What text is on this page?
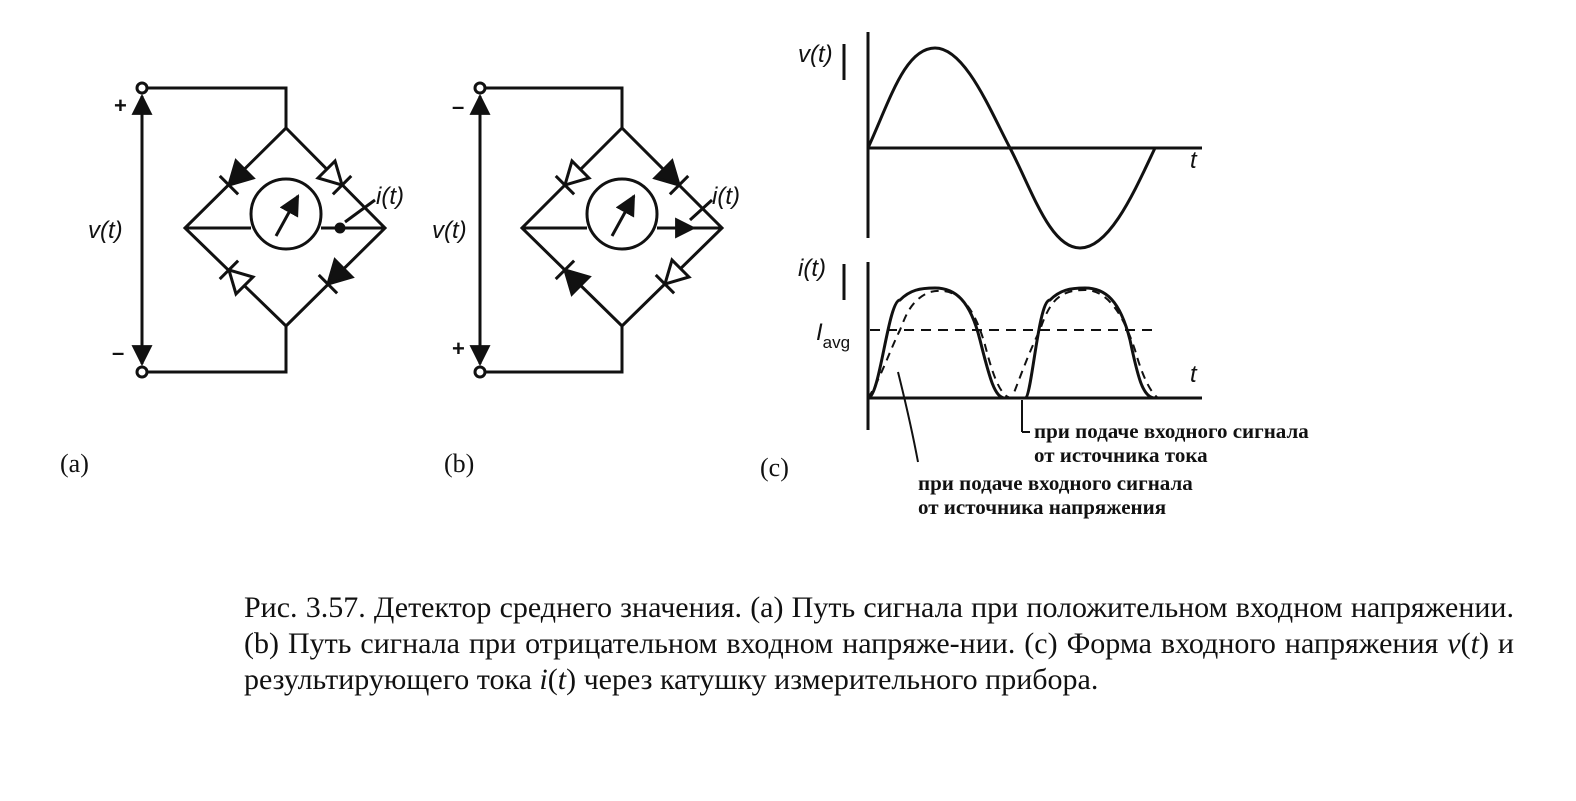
+
–
v(t)
i(t)
(a)
–
+
v(t)
i(t)
(b)
v(t)
i(t)
t
t
$I_{avg}$
при подаче входного сигнала
от источника тока
при подаче входного сигнала
от источника напряжения
(c)
Рис. 3.57. Детектор среднего значения. (a) Путь сигнала при положительном входном напряжении. (b) Путь сигнала при отрицательном входном напряже-нии. (c) Форма входного напряжения v(t) и результирующего тока i(t) через катушку измерительного прибора.
